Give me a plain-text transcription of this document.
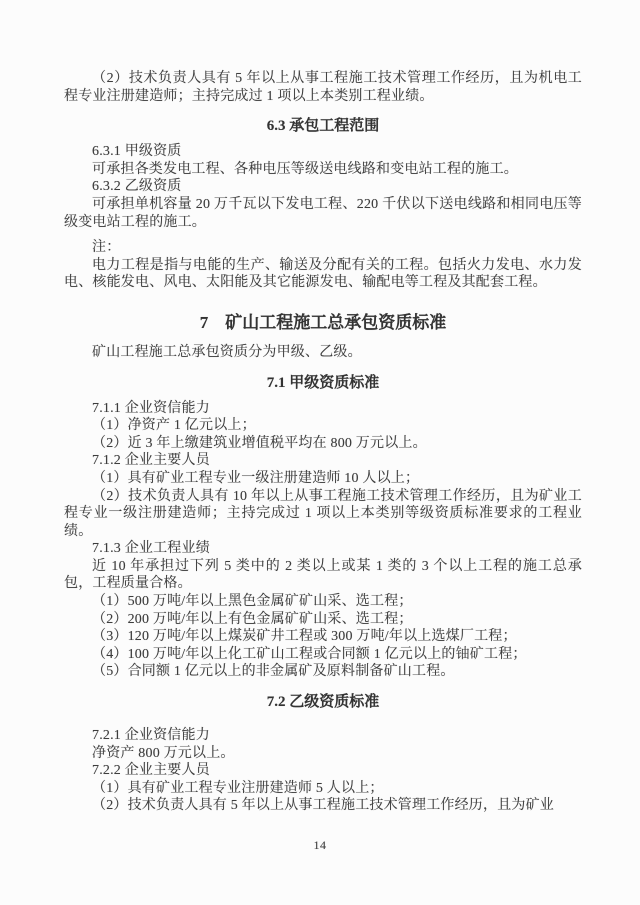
（2）技术负责人具有 5 年以上从事工程施工技术管理工作经历，且为机电工程专业注册建造师；主持完成过 1 项以上本类别工程业绩。
6.3 承包工程范围
6.3.1 甲级资质
可承担各类发电工程、各种电压等级送电线路和变电站工程的施工。
6.3.2 乙级资质
可承担单机容量 20 万千瓦以下发电工程、220 千伏以下送电线路和相同电压等级变电站工程的施工。
注：
电力工程是指与电能的生产、输送及分配有关的工程。包括火力发电、水力发电、核能发电、风电、太阳能及其它能源发电、输配电等工程及其配套工程。
7　矿山工程施工总承包资质标准
矿山工程施工总承包资质分为甲级、乙级。
7.1 甲级资质标准
7.1.1 企业资信能力
（1）净资产 1 亿元以上；
（2）近 3 年上缴建筑业增值税平均在 800 万元以上。
7.1.2 企业主要人员
（1）具有矿业工程专业一级注册建造师 10 人以上；
（2）技术负责人具有 10 年以上从事工程施工技术管理工作经历，且为矿业工程专业一级注册建造师；主持完成过 1 项以上本类别等级资质标准要求的工程业绩。
7.1.3 企业工程业绩
近 10 年承担过下列 5 类中的 2 类以上或某 1 类的 3 个以上工程的施工总承包，工程质量合格。
（1）500 万吨/年以上黑色金属矿矿山采、选工程；
（2）200 万吨/年以上有色金属矿矿山采、选工程；
（3）120 万吨/年以上煤炭矿井工程或 300 万吨/年以上选煤厂工程；
（4）100 万吨/年以上化工矿山工程或合同额 1 亿元以上的铀矿工程；
（5）合同额 1 亿元以上的非金属矿及原料制备矿山工程。
7.2 乙级资质标准
7.2.1 企业资信能力
净资产 800 万元以上。
7.2.2 企业主要人员
（1）具有矿业工程专业注册建造师 5 人以上；
（2）技术负责人具有 5 年以上从事工程施工技术管理工作经历，且为矿业
14
